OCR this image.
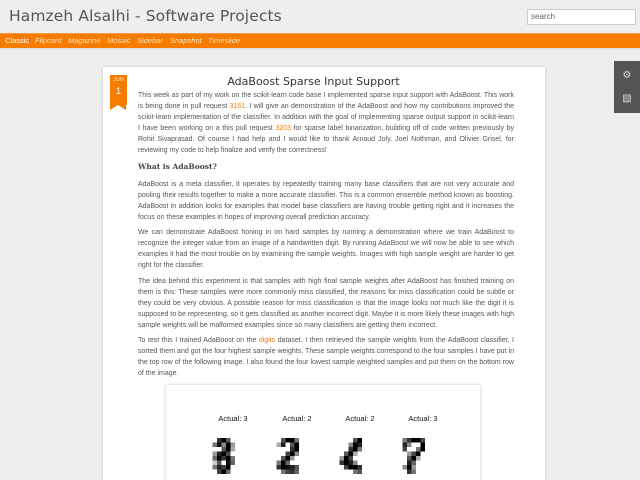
Hamzeh Alsalhi - Software Projects	search
Classic Flipcard Magazine Mosaic Sidebar Snapshot Timeslide
JUN
1
AdaBoost Sparse Input Support
This week as part of my work on the scikit-learn code base I implemented sparse input support with AdaBoost. This work is being done in pull request 3161. I will give an demonstration of the AdaBoost and how my contributions improved the scikit-learn implementation of the classifier. In addition with the goal of implementing sparse output support in scikit-learn I have been working on a this pull request 3203 for sparse label binarization, building off of code written previously by Rohit Sivaprasad. Of course I had help and I would like to thank Arnaud Joly, Joel Nothman, and Olivier Grisel, for reviewing my code to help finalize and verify the correctness!
What is AdaBoost?
AdaBoost is a meta classifier, it operates by repeatedly training many base classifiers that are not very accurate and pooling their results together to make a more accurate classifier. This is a common ensemble method known as boosting. AdaBoost in addition looks for examples that model base classifiers are having trouble getting right and it increases the focus on these examples in hopes of improving overall prediction accuracy.
We can demonstrate AdaBoost honing in on hard samples by running a demonstration where we train AdaBoost to recognize the integer value from an image of a handwritten digit. By running AdaBoost we will now be able to see which examples it had the most trouble on by examining the sample weights. Images with high sample weight are harder to get right for the classifier.
The idea behind this experiment is that samples with high final sample weights after AdaBoost has finished training on them is this: These samples were more commonly miss classified, the reasons for miss classification could be subtle or they could be very obvious. A possible reason for miss classification is that the image looks not much like the digit it is supposed to be representing, so it gets classified as another incorrect digit. Maybe it is more likely these images with high sample weights will be malformed examples since so many classifiers are getting them incorrect.
To test this I trained AdaBoost on the digits dataset. I then retrieved the sample weights from the AdaBoost classifier, I sorted them and got the four highest sample weights. These sample weights correspond to the four samples I have put in the top row of the following image. I also found the four lowest sample weighted samples and put them on the bottom row of the image.
Actual: 3	Actual: 2	Actual: 2	Actual: 3
⚙
▧
